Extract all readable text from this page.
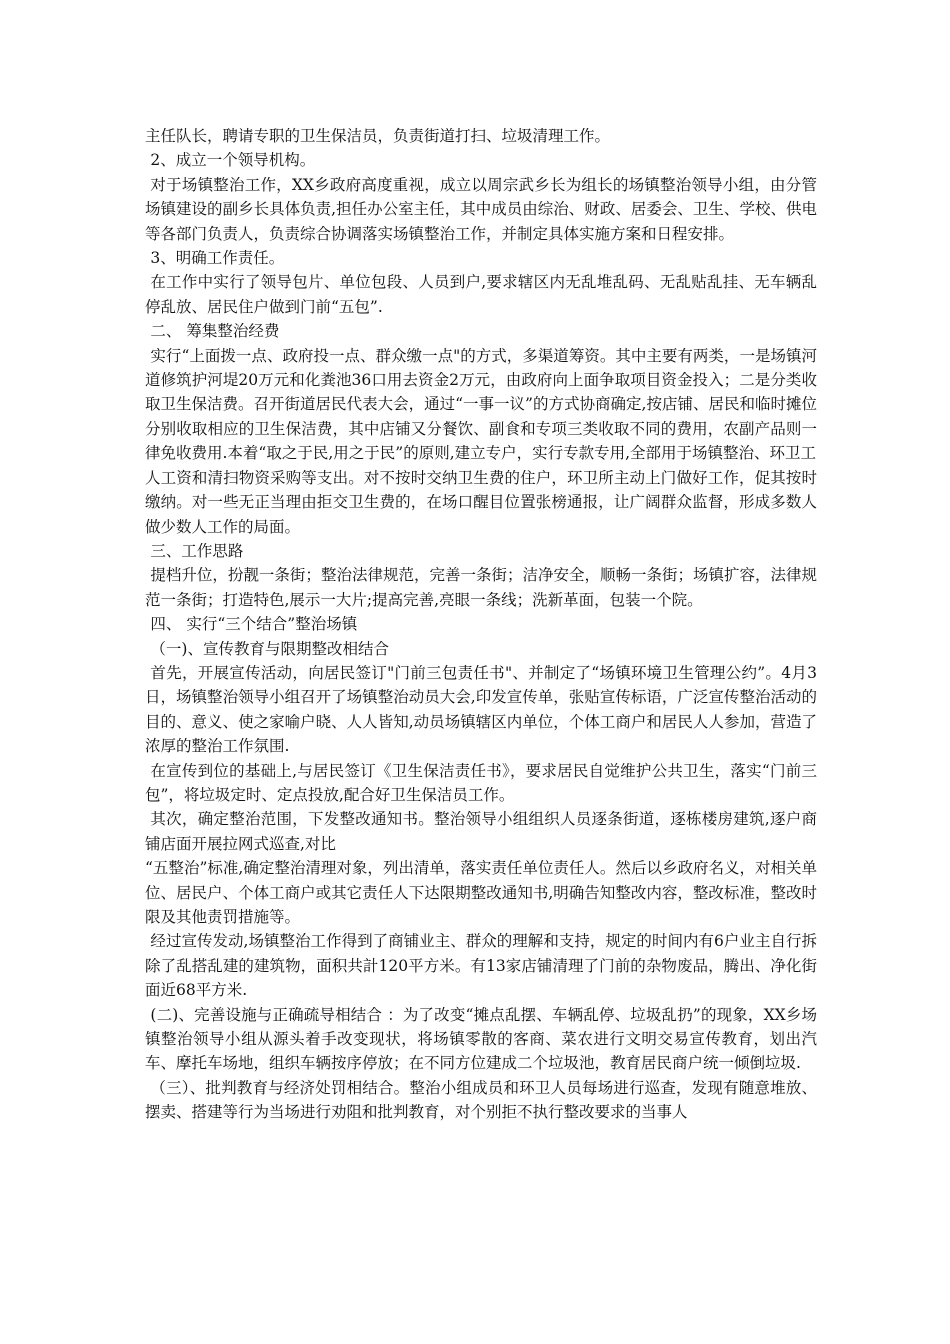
主任队长，聘请专职的卫生保洁员，负责街道打扫、垃圾清理工作。

2、成立一个领导机构。

对于场镇整治工作，XX乡政府高度重视，成立以周宗武乡长为组长的场镇整治领导小组，由分管场镇建设的副乡长具体负责,担任办公室主任，其中成员由综治、财政、居委会、卫生、学校、供电等各部门负责人，负责综合协调落实场镇整治工作，并制定具体实施方案和日程安排。

3、明确工作责任。

在工作中实行了领导包片、单位包段、人员到户,要求辖区内无乱堆乱码、无乱贴乱挂、无车辆乱停乱放、居民住户做到门前“五包”.

二、 筹集整治经费

实行“上面拨一点、政府投一点、群众缴一点"的方式，多渠道筹资。其中主要有两类，一是场镇河道修筑护河堤20万元和化粪池36口用去资金2万元，由政府向上面争取项目资金投入；二是分类收取卫生保洁费。召开街道居民代表大会，通过“一事一议”的方式协商确定,按店铺、居民和临时摊位分别收取相应的卫生保洁费，其中店铺又分餐饮、副食和专项三类收取不同的费用，农副产品则一律免收费用.本着“取之于民,用之于民”的原则,建立专户，实行专款专用,全部用于场镇整治、环卫工

人工资和清扫物资采购等支出。对不按时交纳卫生费的住户，环卫所主动上门做好工作，促其按时缴纳。对一些无正当理由拒交卫生费的，在场口醒目位置张榜通报，让广阔群众监督，形成多数人做少数人工作的局面。

三、工作思路

提档升位，扮靓一条街；整治法律规范，完善一条街；洁净安全，顺畅一条街；场镇扩容，法律规范一条街；打造特色,展示一大片;提高完善,亮眼一条线；洗新革面，包装一个院。

四、 实行“三个结合”整治场镇

（一)、宣传教育与限期整改相结合

首先，开展宣传活动，向居民签订"门前三包责任书"、并制定了“场镇环境卫生管理公约”。4月3日，场镇整治领导小组召开了场镇整治动员大会,印发宣传单，张贴宣传标语，广泛宣传整治活动的目的、意义、使之家喻户晓、人人皆知,动员场镇辖区内单位，个体工商户和居民人人参加，营造了浓厚的整治工作氛围.

在宣传到位的基础上,与居民签订《卫生保洁责任书》，要求居民自觉维护公共卫生，落实“门前三包”，将垃圾定时、定点投放,配合好卫生保洁员工作。

其次，确定整治范围，下发整改通知书。整治领导小组组织人员逐条街道，逐栋楼房建筑,逐户商铺店面开展拉网式巡查,对比

“五整治”标准,确定整治清理对象，列出清单，落实责任单位责任人。然后以乡政府名义，对相关单位、居民户、个体工商户或其它责任人下达限期整改通知书,明确告知整改内容，整改标准，整改时限及其他责罚措施等。

经过宣传发动,场镇整治工作得到了商铺业主、群众的理解和支持，规定的时间内有6户业主自行拆除了乱搭乱建的建筑物，面积共計120平方米。有13家店铺清理了门前的杂物废品，腾出、净化街面近68平方米.

(二)、完善设施与正确疏导相结合 ：为了改变“摊点乱摆、车辆乱停、垃圾乱扔”的现象，XX乡场镇整治领导小组从源头着手改变现状，将场镇零散的客商、菜农进行文明交易宣传教育，划出汽车、摩托车场地，组织车辆按序停放；在不同方位建成二个垃圾池，教育居民商户统一倾倒垃圾.

（三）、批判教育与经济处罚相结合。整治小组成员和环卫人员每场进行巡查，发现有随意堆放、摆卖、搭建等行为当场进行劝阻和批判教育，对个别拒不执行整改要求的当事人
